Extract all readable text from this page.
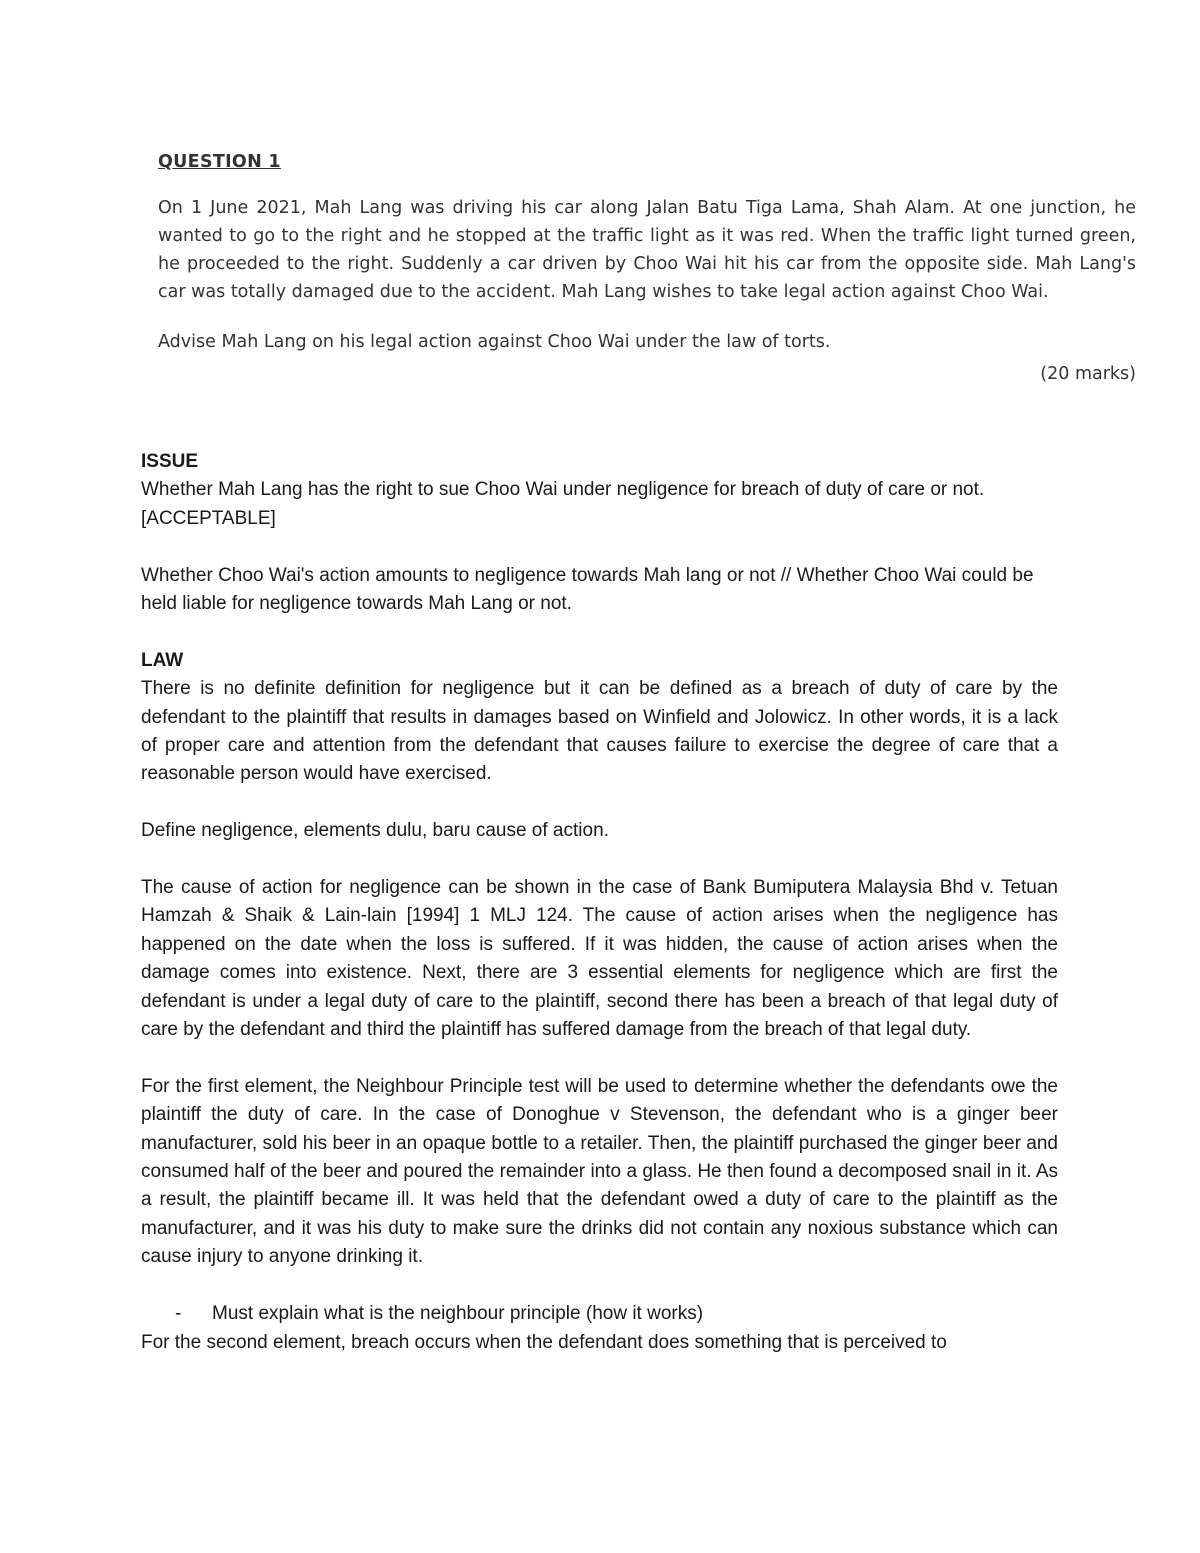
QUESTION 1

On 1 June 2021, Mah Lang was driving his car along Jalan Batu Tiga Lama, Shah Alam. At one junction, he wanted to go to the right and he stopped at the traffic light as it was red. When the traffic light turned green, he proceeded to the right. Suddenly a car driven by Choo Wai hit his car from the opposite side. Mah Lang's car was totally damaged due to the accident. Mah Lang wishes to take legal action against Choo Wai.

Advise Mah Lang on his legal action against Choo Wai under the law of torts.

(20 marks)

ISSUE

Whether Mah Lang has the right to sue Choo Wai under negligence for breach of duty of care or not. [ACCEPTABLE]

Whether Choo Wai's action amounts to negligence towards Mah lang or not // Whether Choo Wai could be held liable for negligence towards Mah Lang or not.

LAW

There is no definite definition for negligence but it can be defined as a breach of duty of care by the defendant to the plaintiff that results in damages based on Winfield and Jolowicz. In other words, it is a lack of proper care and attention from the defendant that causes failure to exercise the degree of care that a reasonable person would have exercised.

Define negligence, elements dulu, baru cause of action.

The cause of action for negligence can be shown in the case of Bank Bumiputera Malaysia Bhd v. Tetuan Hamzah & Shaik & Lain-lain [1994] 1 MLJ 124. The cause of action arises when the negligence has happened on the date when the loss is suffered. If it was hidden, the cause of action arises when the damage comes into existence. Next, there are 3 essential elements for negligence which are first the defendant is under a legal duty of care to the plaintiff, second there has been a breach of that legal duty of care by the defendant and third the plaintiff has suffered damage from the breach of that legal duty.

For the first element, the Neighbour Principle test will be used to determine whether the defendants owe the plaintiff the duty of care. In the case of Donoghue v Stevenson, the defendant who is a ginger beer manufacturer, sold his beer in an opaque bottle to a retailer. Then, the plaintiff purchased the ginger beer and consumed half of the beer and poured the remainder into a glass. He then found a decomposed snail in it. As a result, the plaintiff became ill. It was held that the defendant owed a duty of care to the plaintiff as the manufacturer, and it was his duty to make sure the drinks did not contain any noxious substance which can cause injury to anyone drinking it.

-	Must explain what is the neighbour principle (how it works)

For the second element, breach occurs when the defendant does something that is perceived to
